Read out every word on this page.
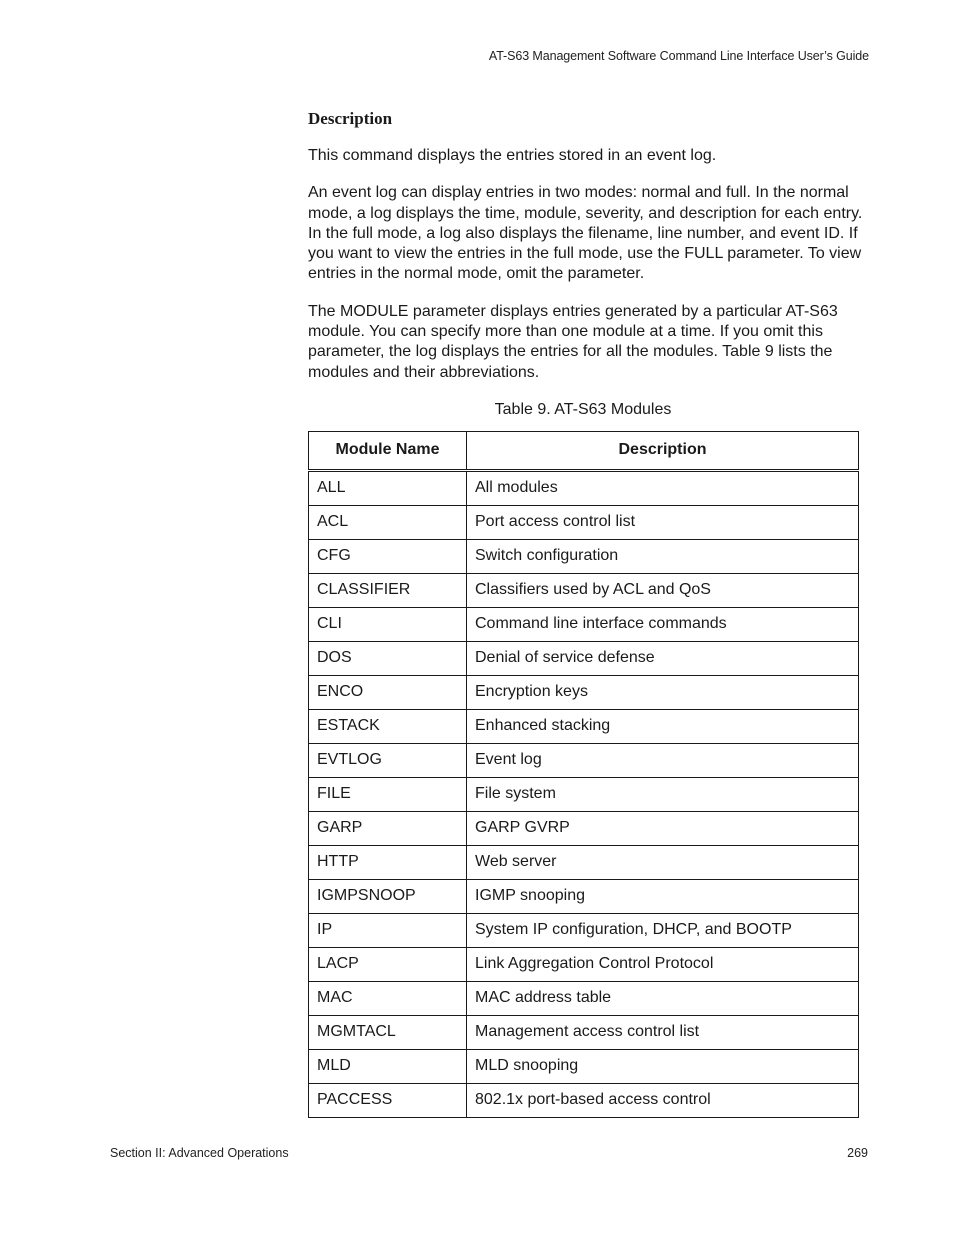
AT-S63 Management Software Command Line Interface User’s Guide
Description

This command displays the entries stored in an event log.

An event log can display entries in two modes: normal and full. In the normal mode, a log displays the time, module, severity, and description for each entry. In the full mode, a log also displays the filename, line number, and event ID. If you want to view the entries in the full mode, use the FULL parameter. To view entries in the normal mode, omit the parameter.

The MODULE parameter displays entries generated by a particular AT-S63 module. You can specify more than one module at a time. If you omit this parameter, the log displays the entries for all the modules. Table 9 lists the modules and their abbreviations.

Table 9. AT-S63 Modules
Module Name	Description
ALL	All modules
ACL	Port access control list
CFG	Switch configuration
CLASSIFIER	Classifiers used by ACL and QoS
CLI	Command line interface commands
DOS	Denial of service defense
ENCO	Encryption keys
ESTACK	Enhanced stacking
EVTLOG	Event log
FILE	File system
GARP	GARP GVRP
HTTP	Web server
IGMPSNOOP	IGMP snooping
IP	System IP configuration, DHCP, and BOOTP
LACP	Link Aggregation Control Protocol
MAC	MAC address table
MGMTACL	Management access control list
MLD	MLD snooping
PACCESS	802.1x port-based access control
Section II: Advanced Operations	269
